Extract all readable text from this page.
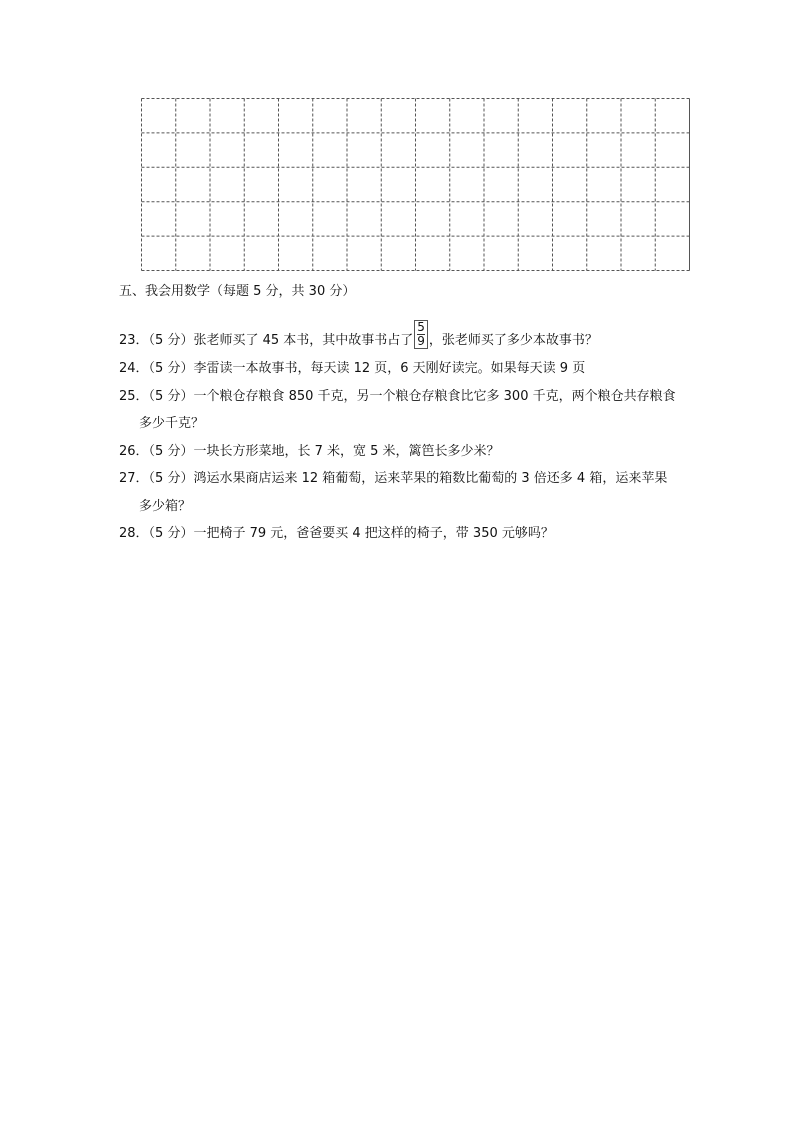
五、我会用数学（每题 5 分，共 30 分）

23．（5 分）张老师买了 45 本书，其中故事书占了 $\frac{5}{9}$ ，张老师买了多少本故事书？

24．（5 分）李雷读一本故事书，每天读 12 页，6 天刚好读完。如果每天读 9 页

25．（5 分）一个粮仓存粮食 850 千克，另一个粮仓存粮食比它多 300 千克，两个粮仓共存粮食多少千克？

26．（5 分）一块长方形菜地，长 7 米，宽 5 米，篱笆长多少米？

27．（5 分）鸿运水果商店运来 12 箱葡萄，运来苹果的箱数比葡萄的 3 倍还多 4 箱，运来苹果多少箱？

28．（5 分）一把椅子 79 元，爸爸要买 4 把这样的椅子，带 350 元够吗？
